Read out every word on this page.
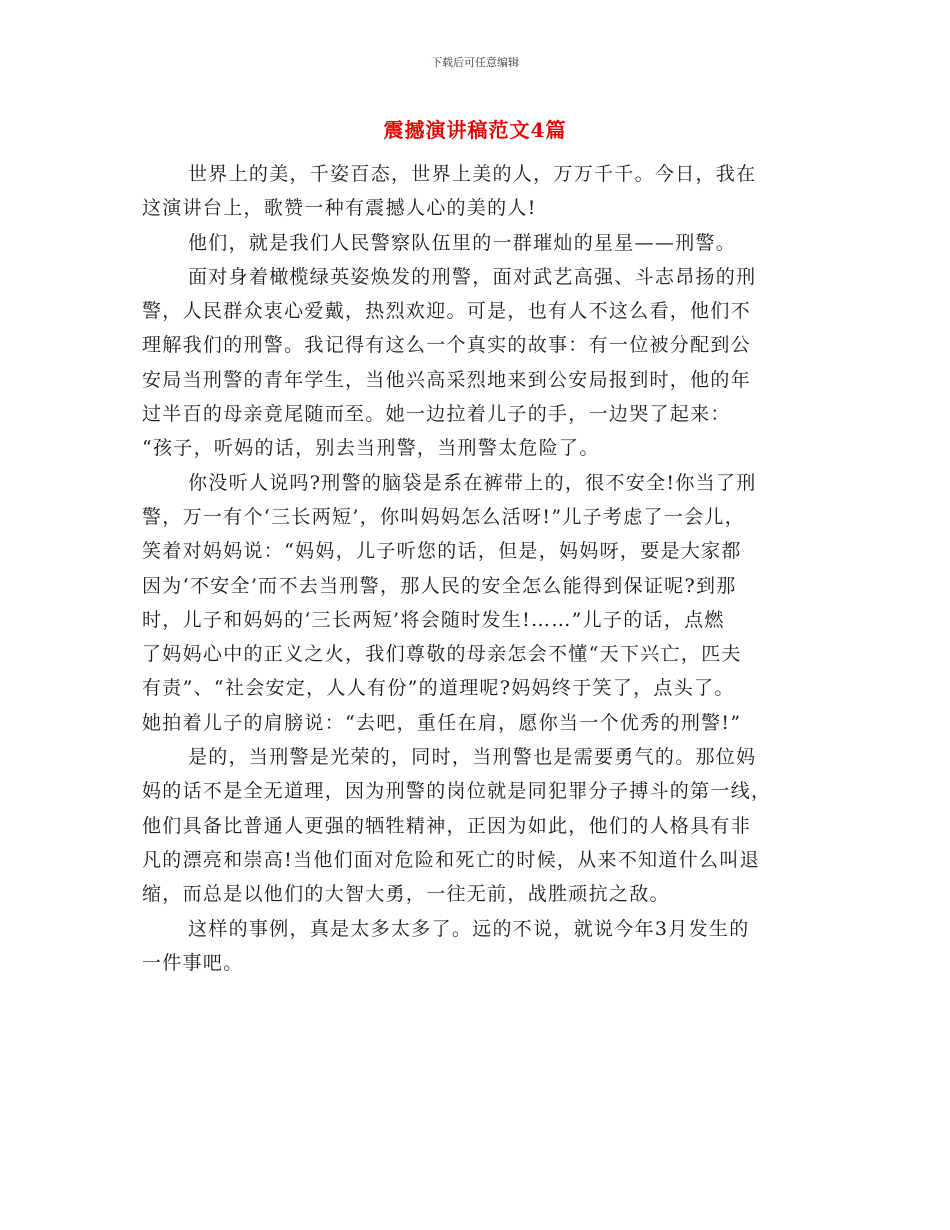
下载后可任意编辑
震撼演讲稿范文4篇
世界上的美，千姿百态，世界上美的人，万万千千。今日，我在
这演讲台上，歌赞一种有震撼人心的美的人!
他们，就是我们人民警察队伍里的一群璀灿的星星——刑警。
面对身着橄榄绿英姿焕发的刑警，面对武艺高强、斗志昂扬的刑
警，人民群众衷心爱戴，热烈欢迎。可是，也有人不这么看，他们不
理解我们的刑警。我记得有这么一个真实的故事：有一位被分配到公
安局当刑警的青年学生，当他兴高采烈地来到公安局报到时，他的年
过半百的母亲竟尾随而至。她一边拉着儿子的手，一边哭了起来：
“孩子，听妈的话，别去当刑警，当刑警太危险了。
你没听人说吗?刑警的脑袋是系在裤带上的，很不安全!你当了刑
警，万一有个‘三长两短’，你叫妈妈怎么活呀!”儿子考虑了一会儿，
笑着对妈妈说：“妈妈，儿子听您的话，但是，妈妈呀，要是大家都
因为‘不安全’而不去当刑警，那人民的安全怎么能得到保证呢?到那
时，儿子和妈妈的‘三长两短’将会随时发生!……”儿子的话，点燃
了妈妈心中的正义之火，我们尊敬的母亲怎会不懂“天下兴亡，匹夫
有责”、“社会安定，人人有份”的道理呢?妈妈终于笑了，点头了。
她拍着儿子的肩膀说：“去吧，重任在肩，愿你当一个优秀的刑警!”
是的，当刑警是光荣的，同时，当刑警也是需要勇气的。那位妈
妈的话不是全无道理，因为刑警的岗位就是同犯罪分子搏斗的第一线，
他们具备比普通人更强的牺牲精神，正因为如此，他们的人格具有非
凡的漂亮和崇高!当他们面对危险和死亡的时候，从来不知道什么叫退
缩，而总是以他们的大智大勇，一往无前，战胜顽抗之敌。
这样的事例，真是太多太多了。远的不说，就说今年3月发生的
一件事吧。
